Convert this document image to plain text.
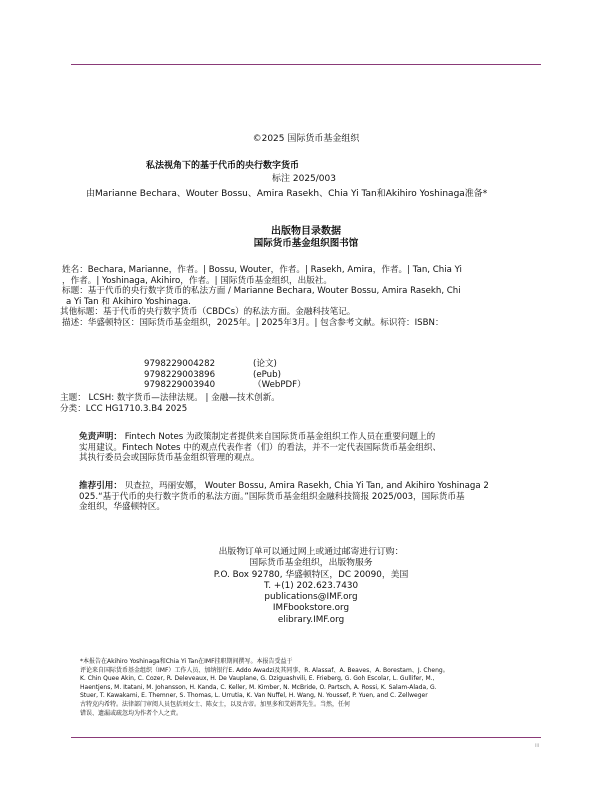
©2025 国际货币基金组织
私法视角下的基于代币的央行数字货币
标注 2025/003
由Marianne Bechara、Wouter Bossu、Amira Rasekh、Chia Yi Tan和Akihiro Yoshinaga准备*
出版物目录数据
国际货币基金组织图书馆
姓名：Bechara, Marianne，作者。| Bossu, Wouter，作者。| Rasekh, Amira，作者。| Tan, Chia Yi
，作者。| Yoshinaga, Akihiro，作者。| 国际货币基金组织，出版社。
标题：基于代币的央行数字货币的私法方面 / Marianne Bechara, Wouter Bossu, Amira Rasekh, Chi
a Yi Tan 和 Akihiro Yoshinaga.
其他标题：基于代币的央行数字货币（CBDCs）的私法方面。金融科技笔记。
描述：华盛顿特区：国际货币基金组织，2025年。| 2025年3月。| 包含参考文献。标识符：ISBN：
9798229004282	(论文)
9798229003896	(ePub)
9798229003940	（WebPDF）
主题： LCSH: 数字货币—法律法规。 | 金融—技术创新。
分类：LCC HG1710.3.B4 2025
免责声明： Fintech Notes 为政策制定者提供来自国际货币基金组织工作人员在重要问题上的
实用建议。Fintech Notes 中的观点代表作者（们）的看法，并不一定代表国际货币基金组织、
其执行委员会或国际货币基金组织管理的观点。
推荐引用： 贝查拉，玛丽安娜， Wouter Bossu, Amira Rasekh, Chia Yi Tan, and Akihiro Yoshinaga 2
025.“基于代币的央行数字货币的私法方面。”国际货币基金组织金融科技简报 2025/003，国际货币基
金组织，华盛顿特区。
出版物订单可以通过网上或通过邮寄进行订购：
国际货币基金组织，出版物服务
P.O. Box 92780, 华盛顿特区，DC 20090，美国
T. +(1) 202.623.7430
publications@IMF.org
IMFbookstore.org
elibrary.IMF.org
*本报告在Akihiro Yoshinaga和Chia Yi Tan在IMF挂职期间撰写。本报告受益于
评论来自国际货币基金组织（IMF）工作人员、加纳银行E. Addo Awadzi及其同事、R. Alassaf、A. Beaves、A. Borestam、J. Cheng。
K. Chin Quee Akin, C. Cozer, R. Deleveaux, H. De Vauplane, G. Dziguashvili, E. Frieberg, G. Goh Escolar, L. Gullifer, M.,
Haentjens, M. Itatani, M. Johansson, H. Kanda, C. Keller, M. Kimber, N. McBride, O. Partsch, A. Rossi, K. Salam-Alada, G.
Stuer, T. Kawakami, E. Themner, S. Thomas, L. Urrutia, K. Van Nuffel, H. Wang, N. Youssef, P. Yuen, and C. Zellweger
古特克内希特。法律部门审阅人员包括刘女士、陈女士，以及古帝。加里多和艾娟普先生。当然，任何
错误、遗漏或疏忽均为作者个人之责。
iii
